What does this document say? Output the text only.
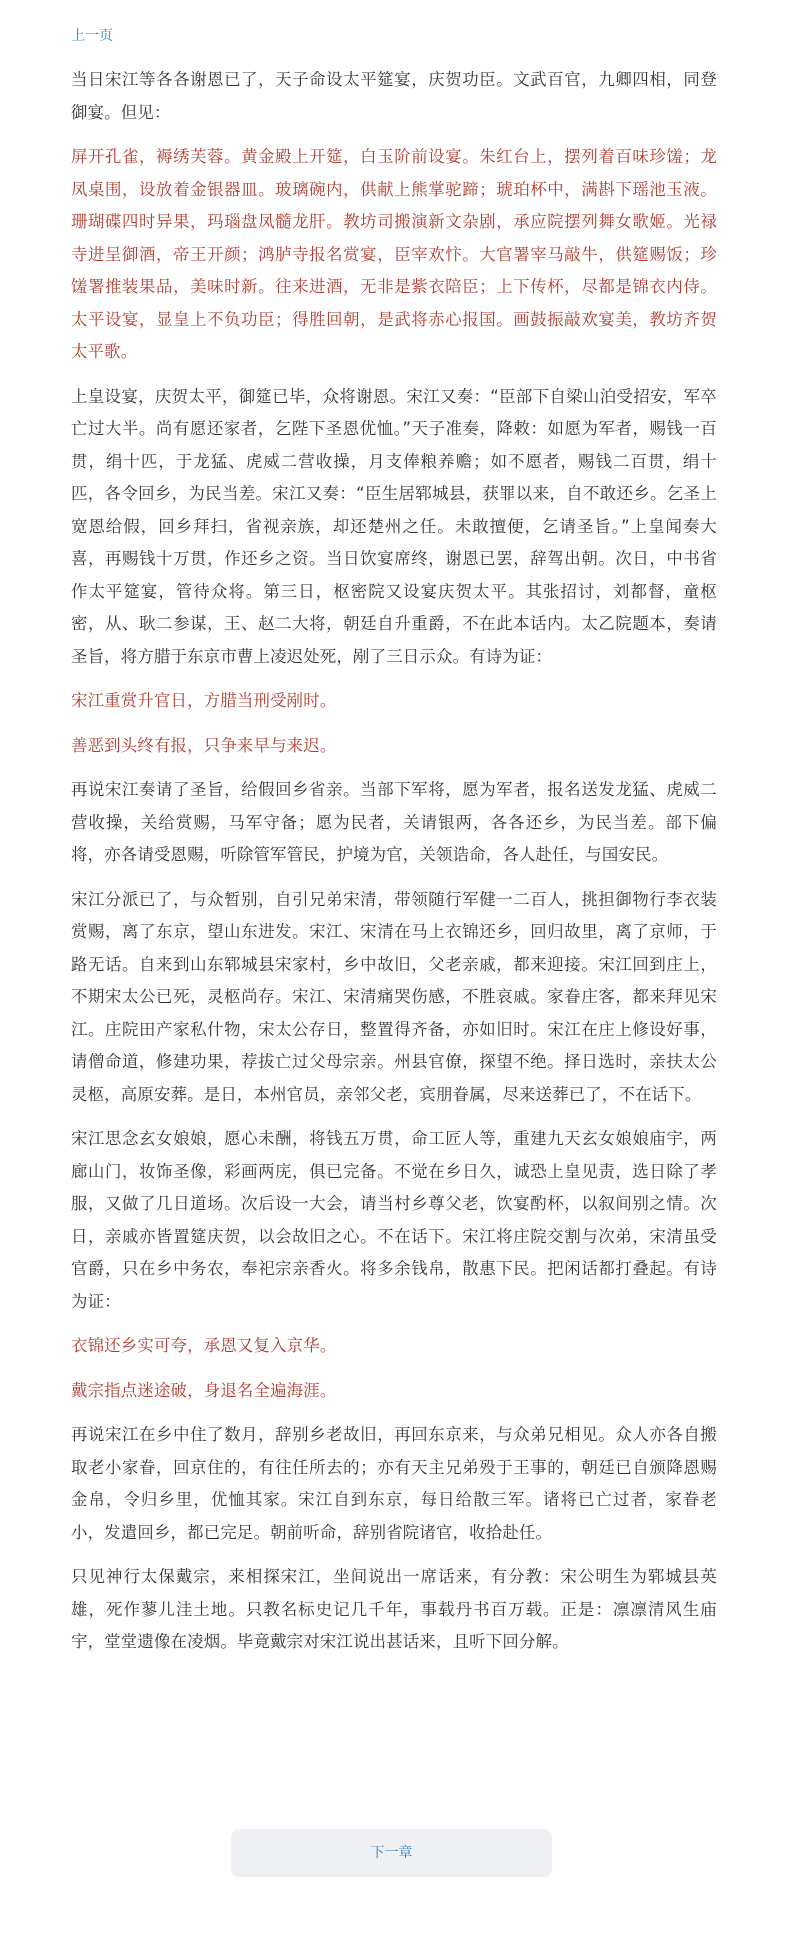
上一页

当日宋江等各各谢恩已了，天子命设太平筵宴，庆贺功臣。文武百官，九卿四相，同登御宴。但见：

屏开孔雀，褥绣芙蓉。黄金殿上开筵，白玉阶前设宴。朱红台上，摆列着百味珍馐；龙凤桌围，设放着金银器皿。玻璃碗内，供献上熊掌驼蹄；琥珀杯中，满斟下瑶池玉液。珊瑚碟四时异果，玛瑙盘凤髓龙肝。教坊司搬演新文杂剧，承应院摆列舞女歌姬。光禄寺进呈御酒，帝王开颜；鸿胪寺报名赏宴，臣宰欢忭。大官署宰马敲牛，供筵赐饭；珍馐署推装果品，美味时新。往来进酒，无非是紫衣陪臣；上下传杯，尽都是锦衣内侍。太平设宴，显皇上不负功臣；得胜回朝，是武将赤心报国。画鼓振敲欢宴美，教坊齐贺太平歌。

上皇设宴，庆贺太平，御筵已毕，众将谢恩。宋江又奏：“臣部下自梁山泊受招安，军卒亡过大半。尚有愿还家者，乞陛下圣恩优恤。”天子准奏，降敕：如愿为军者，赐钱一百贯，绢十匹，于龙猛、虎威二营收操，月支俸粮养赡；如不愿者，赐钱二百贯，绢十匹，各令回乡，为民当差。宋江又奏：“臣生居郓城县，获罪以来，自不敢还乡。乞圣上宽恩给假，回乡拜扫，省视亲族，却还楚州之任。未敢擅便，乞请圣旨。”上皇闻奏大喜，再赐钱十万贯，作还乡之资。当日饮宴席终，谢恩已罢，辞驾出朝。次日，中书省作太平筵宴，管待众将。第三日，枢密院又设宴庆贺太平。其张招讨，刘都督，童枢密，从、耿二参谋，王、赵二大将，朝廷自升重爵，不在此本话内。太乙院题本，奏请圣旨，将方腊于东京市曹上凌迟处死，剐了三日示众。有诗为证：

宋江重赏升官日，方腊当刑受剐时。

善恶到头终有报，只争来早与来迟。

再说宋江奏请了圣旨，给假回乡省亲。当部下军将，愿为军者，报名送发龙猛、虎威二营收操，关给赏赐，马军守备；愿为民者，关请银两，各各还乡，为民当差。部下偏将，亦各请受恩赐，听除管军管民，护境为官，关领诰命，各人赴任，与国安民。

宋江分派已了，与众暂别，自引兄弟宋清，带领随行军健一二百人，挑担御物行李衣装赏赐，离了东京，望山东进发。宋江、宋清在马上衣锦还乡，回归故里，离了京师，于路无话。自来到山东郓城县宋家村，乡中故旧，父老亲戚，都来迎接。宋江回到庄上，不期宋太公已死，灵柩尚存。宋江、宋清痛哭伤感，不胜哀戚。家眷庄客，都来拜见宋江。庄院田产家私什物，宋太公存日，整置得齐备，亦如旧时。宋江在庄上修设好事，请僧命道，修建功果，荐拔亡过父母宗亲。州县官僚，探望不绝。择日选时，亲扶太公灵柩，高原安葬。是日，本州官员，亲邻父老，宾朋眷属，尽来送葬已了，不在话下。

宋江思念玄女娘娘，愿心未酬，将钱五万贯，命工匠人等，重建九天玄女娘娘庙宇，两廊山门，妆饰圣像，彩画两庑，俱已完备。不觉在乡日久，诚恐上皇见责，选日除了孝服，又做了几日道场。次后设一大会，请当村乡尊父老，饮宴酌杯，以叙间别之情。次日，亲戚亦皆置筵庆贺，以会故旧之心。不在话下。宋江将庄院交割与次弟，宋清虽受官爵，只在乡中务农，奉祀宗亲香火。将多余钱帛，散惠下民。把闲话都打叠起。有诗为证：

衣锦还乡实可夸，承恩又复入京华。

戴宗指点迷途破，身退名全遍海涯。

再说宋江在乡中住了数月，辞别乡老故旧，再回东京来，与众弟兄相见。众人亦各自搬取老小家眷，回京住的，有往任所去的；亦有天主兄弟殁于王事的，朝廷已自颁降恩赐金帛，令归乡里，优恤其家。宋江自到东京，每日给散三军。诸将已亡过者，家眷老小，发遣回乡，都已完足。朝前听命，辞别省院诸官，收拾赴任。

只见神行太保戴宗，来相探宋江，坐间说出一席话来，有分教：宋公明生为郓城县英雄，死作蓼儿洼土地。只教名标史记几千年，事载丹书百万载。正是：凛凛清风生庙宇，堂堂遗像在凌烟。毕竟戴宗对宋江说出甚话来，且听下回分解。

下一章
